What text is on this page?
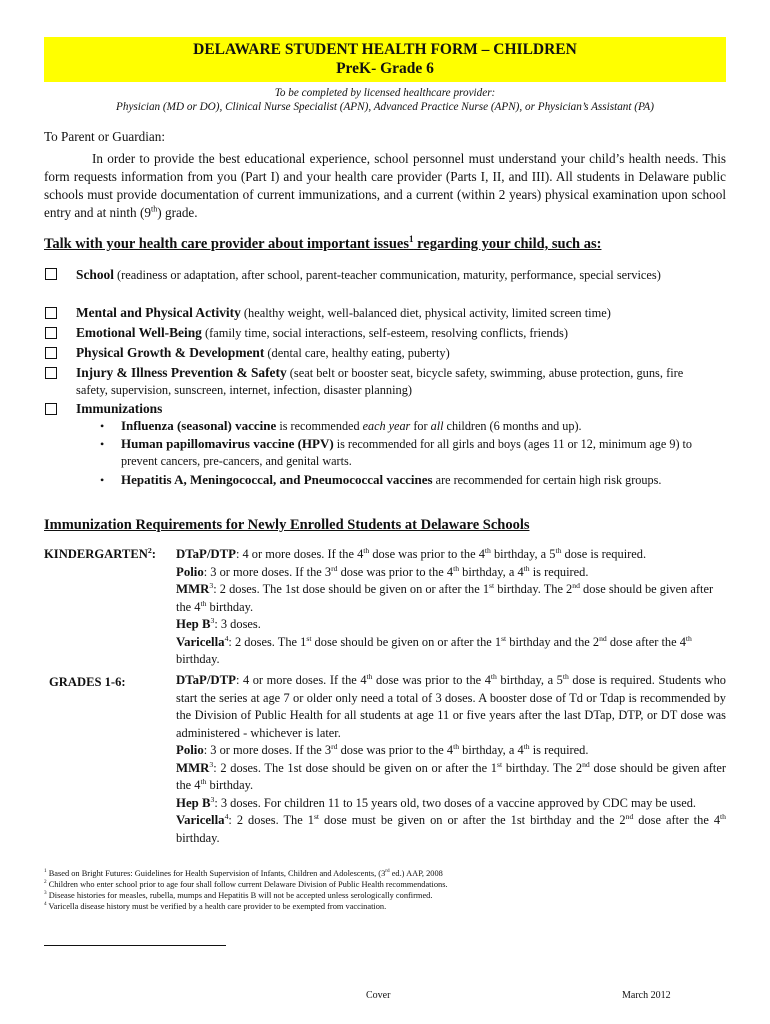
DELAWARE STUDENT HEALTH FORM – CHILDREN
PreK- Grade 6
To be completed by licensed healthcare provider:
Physician (MD or DO), Clinical Nurse Specialist (APN), Advanced Practice Nurse (APN), or Physician’s Assistant (PA)
To Parent or Guardian:
In order to provide the best educational experience, school personnel must understand your child’s health needs. This form requests information from you (Part I) and your health care provider (Parts I, II, and III). All students in Delaware public schools must provide documentation of current immunizations, and a current (within 2 years) physical examination upon school entry and at ninth (9th) grade.
Talk with your health care provider about important issues$^1$ regarding your child, such as:
School (readiness or adaptation, after school, parent-teacher communication, maturity, performance, special services)
Mental and Physical Activity (healthy weight, well-balanced diet, physical activity, limited screen time)
Emotional Well-Being (family time, social interactions, self-esteem, resolving conflicts, friends)
Physical Growth & Development (dental care, healthy eating, puberty)
Injury & Illness Prevention & Safety (seat belt or booster seat, bicycle safety, swimming, abuse protection, guns, fire safety, supervision, sunscreen, internet, infection, disaster planning)
Immunizations
• Influenza (seasonal) vaccine is recommended each year for all children (6 months and up).
• Human papillomavirus vaccine (HPV) is recommended for all girls and boys (ages 11 or 12, minimum age 9) to prevent cancers, pre-cancers, and genital warts.
• Hepatitis A, Meningococcal, and Pneumococcal vaccines are recommended for certain high risk groups.
Immunization Requirements for Newly Enrolled Students at Delaware Schools
KINDERGARTEN$^2$: DTaP/DTP: 4 or more doses. If the 4th dose was prior to the 4th birthday, a 5th dose is required.
Polio: 3 or more doses. If the 3rd dose was prior to the 4th birthday, a 4th is required.
MMR$^3$: 2 doses. The 1st dose should be given on or after the 1st birthday. The 2nd dose should be given after the 4th birthday.
Hep $B^3$: 3 doses.
Varicella$^4$: 2 doses. The 1st dose should be given on or after the 1st birthday and the 2nd dose after the 4th birthday.
GRADES 1-6:	DTaP/DTP: 4 or more doses. If the 4th dose was prior to the 4th birthday, a 5th dose is required. Students who start the series at age 7 or older only need a total of 3 doses. A booster dose of Td or Tdap is recommended by the Division of Public Health for all students at age 11 or five years after the last DTap, DTP, or DT dose was administered - whichever is later.
Polio: 3 or more doses. If the 3rd dose was prior to the 4th birthday, a 4th is required.
MMR$^3$: 2 doses. The 1st dose should be given on or after the 1st birthday. The 2nd dose should be given after the 4th birthday.
Hep $B^3$: 3 doses. For children 11 to 15 years old, two doses of a vaccine approved by CDC may be used.
Varicella$^4$: 2 doses. The 1st dose must be given on or after the 1st birthday and the 2nd dose after the 4th birthday.
$^1$ Based on Bright Futures: Guidelines for Health Supervision of Infants, Children and Adolescents, (3rd ed.) AAP, 2008
$^2$ Children who enter school prior to age four shall follow current Delaware Division of Public Health recommendations.
$^3$ Disease histories for measles, rubella, mumps and Hepatitis B will not be accepted unless serologically confirmed.
$^4$ Varicella disease history must be verified by a health care provider to be exempted from vaccination.
Cover	March 2012
